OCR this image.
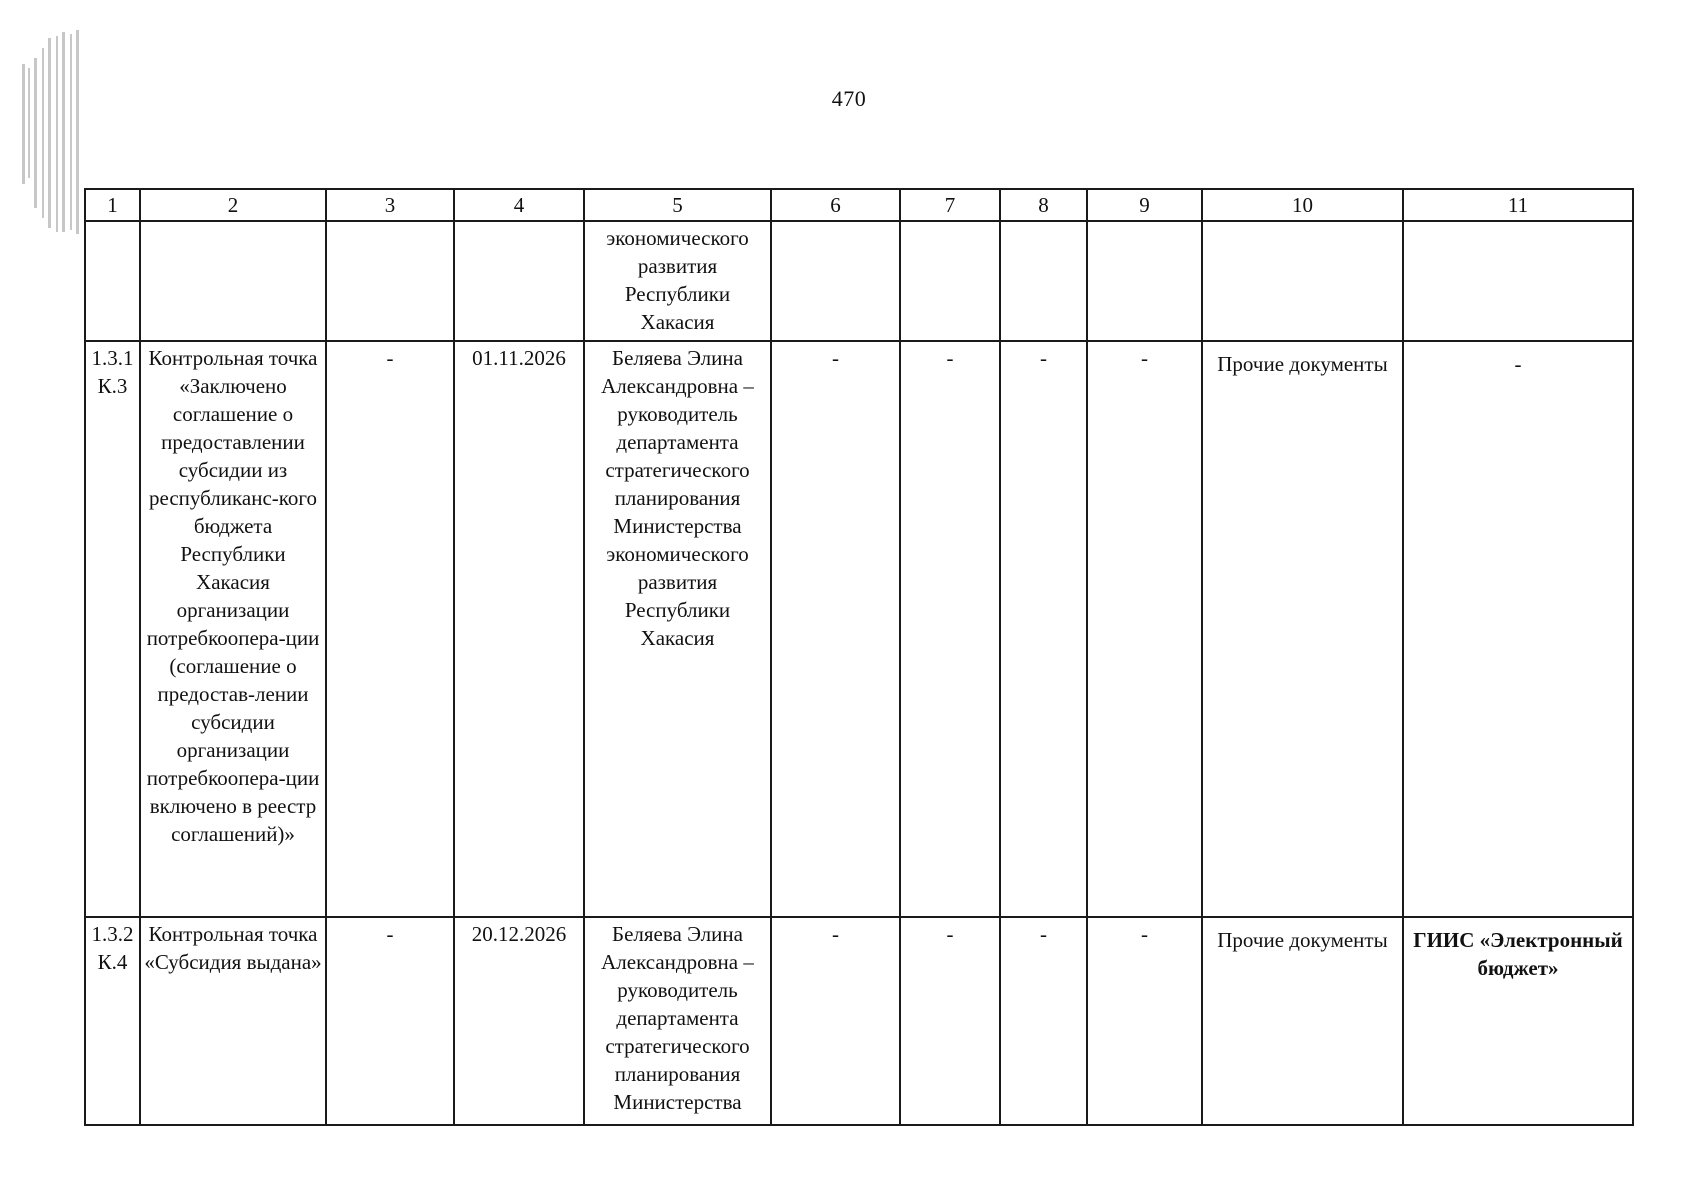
470
1	2	3	4	5	6	7	8	9	10	11
				экономического развития Республики Хакасия						
1.3.1 К.3	Контрольная точка «Заключено соглашение о предоставлении субсидии из республиканс-кого бюджета Республики Хакасия организации потребкоопера-ции (соглашение о предостав-лении субсидии организации потребкоопера-ции включено в реестр соглашений)»	-	01.11.2026	Беляева Элина Александровна – руководитель департамента стратегического планирования Министерства экономического развития Республики Хакасия	-	-	-	-	Прочие документы	-
1.3.2 К.4	Контрольная точка «Субсидия выдана»	-	20.12.2026	Беляева Элина Александровна – руководитель департамента стратегического планирования Министерства	-	-	-	-	Прочие документы	ГИИС «Электронный бюджет»
